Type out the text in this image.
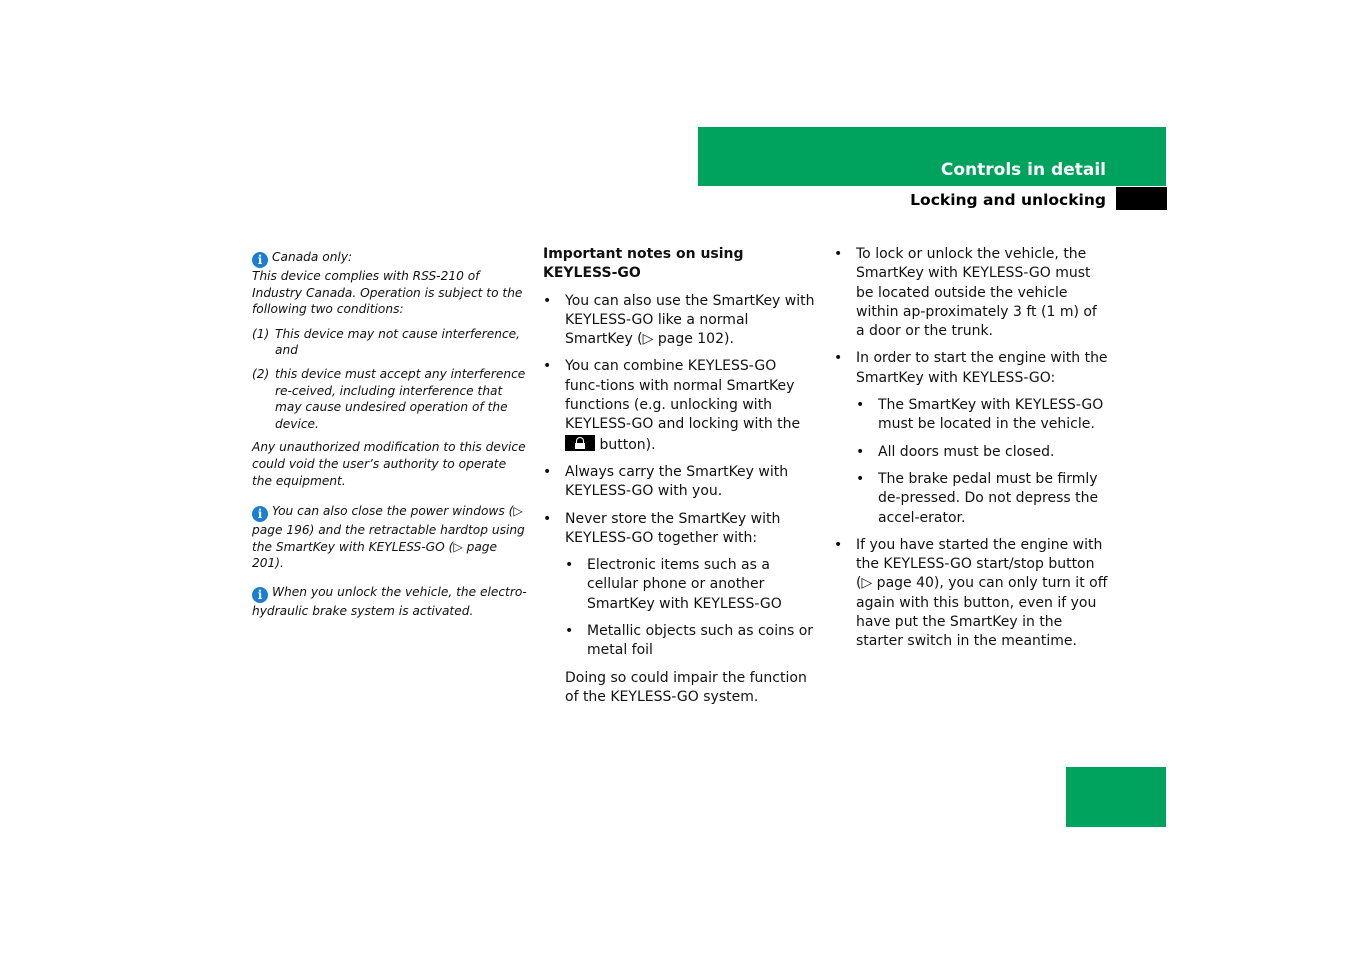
Controls in detail
Locking and unlocking
107

i Canada only:

This device complies with RSS-210 of Industry Canada. Operation is subject to the following two conditions:

(1) This device may not cause interference, and
(2) this device must accept any interference re-ceived, including interference that may cause undesired operation of the device.

Any unauthorized modification to this device could void the user’s authority to operate the equipment.

i You can also close the power windows (▷ page 196) and the retractable hardtop using the SmartKey with KEYLESS-GO (▷ page 201).

i When you unlock the vehicle, the electro-hydraulic brake system is activated.

Important notes on using KEYLESS-GO
• You can also use the SmartKey with KEYLESS-GO like a normal SmartKey (▷ page 102).
• You can combine KEYLESS-GO func-tions with normal SmartKey functions (e.g. unlocking with KEYLESS-GO and locking with the  button).
• Always carry the SmartKey with KEYLESS-GO with you.
• Never store the SmartKey with KEYLESS-GO together with:
• Electronic items such as a cellular phone or another SmartKey with KEYLESS-GO
• Metallic objects such as coins or metal foil

Doing so could impair the function of the KEYLESS-GO system.

• To lock or unlock the vehicle, the SmartKey with KEYLESS-GO must be located outside the vehicle within ap-proximately 3 ft (1 m) of a door or the trunk.
• In order to start the engine with the SmartKey with KEYLESS-GO:
• The SmartKey with KEYLESS-GO must be located in the vehicle.
• All doors must be closed.
• The brake pedal must be firmly de-pressed. Do not depress the accel-erator.
• If you have started the engine with the KEYLESS-GO start/stop button (▷ page 40), you can only turn it off again with this button, even if you have put the SmartKey in the starter switch in the meantime.
